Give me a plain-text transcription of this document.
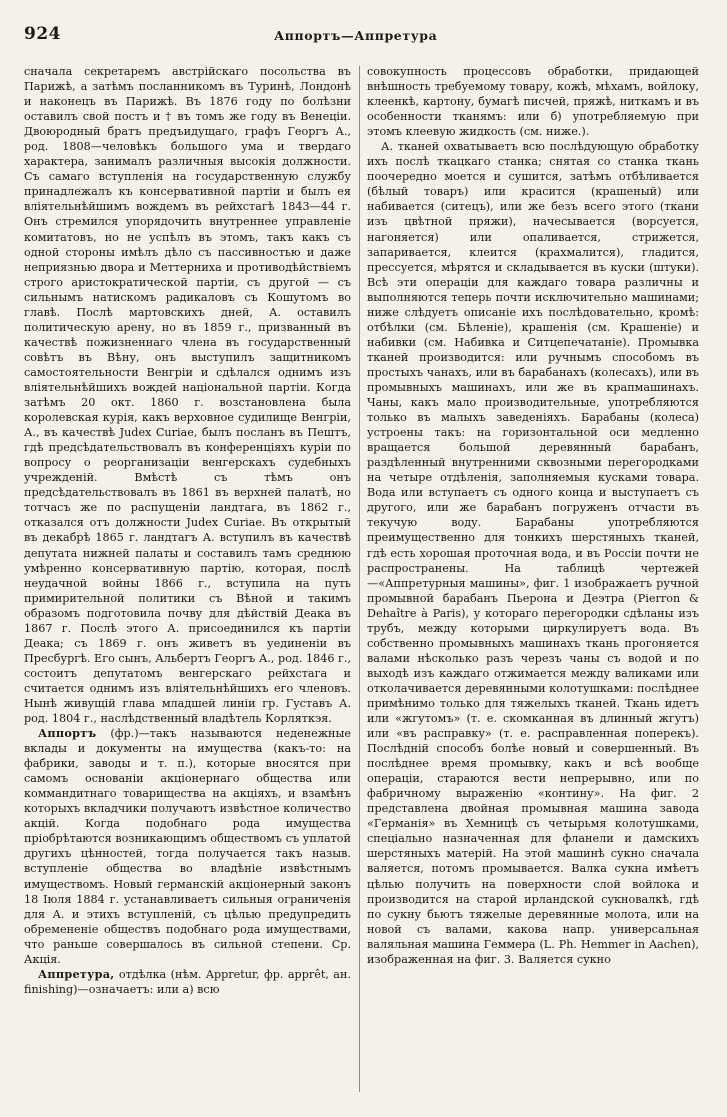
924	Аппортъ—Аппретура

сначала секретаремъ австрійскаго посольства въ Парижѣ, а затѣмъ посланникомъ въ Туринѣ, Лондонѣ и наконецъ въ Парижѣ. Въ 1876 году по болѣзни оставилъ свой постъ и † въ томъ же году въ Венеціи. Двоюродный братъ предъидущаго, графъ Георгъ А., род. 1808—человѣкъ большого ума и твердаго характера, занималъ различныя высокія должности. Съ самаго вступленія на государственную службу принадлежалъ къ консервативной партіи и былъ ея вліятельнѣйшимъ вождемъ въ рейхстагѣ 1843—44 г. Онъ стремился упорядочить внутреннее управленіе комитатовъ, но не успѣлъ въ этомъ, такъ какъ съ одной стороны имѣлъ дѣло съ пассивностью и даже неприязнью двора и Меттерниха и противодѣйствіемъ строго аристократической партіи, съ другой — съ сильнымъ натискомъ радикаловъ съ Кошутомъ во главѣ. Послѣ мартовскихъ дней, А. оставилъ политическую арену, но въ 1859 г., призванный въ качествѣ пожизненнаго члена въ государственный совѣтъ въ Вѣну, онъ выступилъ защитникомъ самостоятельности Венгріи и сдѣлался однимъ изъ вліятельнѣйшихъ вождей національной партіи. Когда затѣмъ 20 окт. 1860 г. возстановлена была королевская курія, какъ верховное судилище Венгріи, А., въ качествѣ Judex Curiae, былъ посланъ въ Пештъ, гдѣ предсѣдательствовалъ въ конференціяхъ куріи по вопросу о реорганизаціи венгерскахъ судебныхъ учрежденій. Вмѣстѣ съ тѣмъ онъ предсѣдательствовалъ въ 1861 въ верхней палатѣ, но тотчасъ же по распущеніи ландтага, въ 1862 г., отказался отъ должности Judex Curiae. Въ открытый въ декабрѣ 1865 г. ландтагъ А. вступилъ въ качествѣ депутата нижней палаты и составилъ тамъ среднюю умѣренно консервативную партію, которая, послѣ неудачной войны 1866 г., вступила на путь примирительной политики съ Вѣной и такимъ образомъ подготовила почву для дѣйствій Деака въ 1867 г. Послѣ этого А. присоединился къ партіи Деака; съ 1869 г. онъ живетъ въ уединеніи въ Пресбургѣ. Его сынъ, Альбертъ Георгъ А., род. 1846 г., состоитъ депутатомъ венгерскаго рейхстага и считается однимъ изъ вліятельнѣйшихъ его членовъ. Нынѣ живущій глава младшей линіи гр. Густавъ А. род. 1804 г., наслѣдственный владѣтель Корляткэя.

Аппортъ (фр.)—такъ называются неденежные вклады и документы на имущества (какъ-то: на фабрики, заводы и т. п.), которые вносятся при самомъ основаніи акціонернаго общества или коммандитнаго товарищества на акціяхъ, и взамѣнъ которыхъ вкладчики получаютъ извѣстное количество акцій. Когда подобнаго рода имущества пріобрѣтаются возникающимъ обществомъ съ уплатой другихъ цѣнностей, тогда получается такъ назыв. вступленіе общества во владѣніе извѣстнымъ имуществомъ. Новый германскій акціонерный законъ 18 Іюля 1884 г. устанавливаетъ сильныя ограниченія для А. и этихъ вступленій, съ цѣлью предупредить обремененіе обществъ подобнаго рода имуществами, что раньше совершалось въ сильной степени. Ср. Акція.

Аппретура, отдѣлка (нѣм. Appretur, фр. apprêt, ан. finishing)—означаетъ: или a) всю

совокупность процессовъ обработки, придающей внѣшность требуемому товару, кожѣ, мѣхамъ, войлоку, клеенкѣ, картону, бумагѣ писчей, пряжѣ, ниткамъ и въ особенности тканямъ: или б) употребляемую при этомъ клеевую жидкость (см. нижe.).

А. тканей охватываетъ всю послѣдующую обработку ихъ послѣ ткацкаго станка; снятая со станка ткань поочередно моется и сушится, затѣмъ отбѣливается (бѣлый товаръ) или красится (крашеный) или набивается (ситецъ), или же безъ всего этого (ткани изъ цвѣтной пряжи), начесывается (ворсуется, нагоняется) или опаливается, стрижется, запаривается, клеится (крахмалится), гладится, прессуется, мѣрятся и складывается въ куски (штуки). Всѣ эти операціи для каждаго товара различны и выполняются теперь почти исключительно машинами; ниже слѣдуетъ описаніе ихъ послѣдовательно, кромѣ: отбѣлки (см. Бѣленіе), крашенія (см. Крашеніе) и набивки (см. Набивка и Ситцепечатаніе). Промывка тканей производится: или ручнымъ способомъ въ простыхъ чанахъ, или въ барабанахъ (колесахъ), или въ промывныхъ машинахъ, или же въ крапмашинахъ. Чаны, какъ мало производительные, употребляются только въ малыхъ заведеніяхъ. Барабаны (колеса) устроены такъ: на горизонтальной оси медленно вращается большой деревянный барабанъ, раздѣленный внутренними сквозными перегородками на четыре отдѣленія, заполняемыя кусками товара. Вода или вступаетъ съ одного конца и выступаетъ съ другого, или же барабанъ погруженъ отчасти въ текучую воду. Барабаны употребляются преимущественно для тонкихъ шерстяныхъ тканей, гдѣ есть хорошая проточная вода, и въ Россіи почти не распространены. На таблицѣ чертежей—«Аппретурныя машины», фиг. 1 изображаетъ ручной промывной барабанъ Пьерона и Деэтра (Pierron & Dehaître à Paris), у котораго перегородки сдѣланы изъ трубъ, между которыми циркулируетъ вода. Въ собственно промывныхъ машинахъ ткань прогоняется валами нѣсколько разъ черезъ чаны съ водой и по выходѣ изъ каждаго отжимается между валиками или отколачивается деревянными колотушками: послѣднее примѣнимо только для тяжелыхъ тканей. Ткань идетъ или «жгутомъ» (т. е. скомканная въ длинный жгутъ) или «въ расправку» (т. е. расправленная поперекъ). Послѣдній способъ болѣе новый и совершенный. Въ послѣднее время промывку, какъ и всѣ вообще операціи, стараются вести непрерывно, или по фабричному выраженію «контину». На фиг. 2 представлена двойная промывная машина завода «Германія» въ Хемницѣ съ четырьмя колотушками, спеціально назначенная для фланели и дамскихъ шерстяныхъ матерій. На этой машинѣ сукно сначала валяется, потомъ промывается. Валка сукна имѣетъ цѣлью получить на поверхности слой войлока и производится на старой ирландской сукновалкѣ, гдѣ по сукну бьютъ тяжелые деревянные молота, или на новой съ валами, какова напр. универсальная валяльная машина Геммера (L. Ph. Hemmer in Aachen), изображенная на фиг. 3. Валяется сукно
